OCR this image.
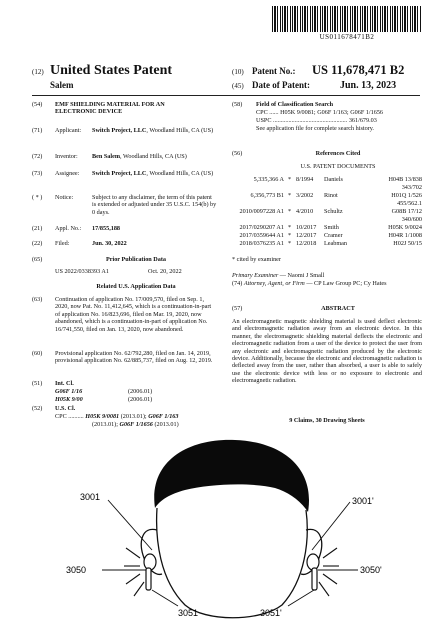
US011678471B2
(12) United States Patent
Salem
(10) Patent No.: US 11,678,471 B2
(45) Date of Patent:	Jun. 13, 2023
(54) EMF SHIELDING MATERIAL FOR AN ELECTRONIC DEVICE
(71) Applicant: Switch Project, LLC, Woodland Hills, CA (US)
(72) Inventor: Ben Salem, Woodland Hills, CA (US)
(73) Assignee: Switch Project, LLC, Woodland Hills, CA (US)
( * ) Notice:	Subject to any disclaimer, the term of this patent is extended or adjusted under 35 U.S.C. 154(b) by 0 days.
(21) Appl. No.: 17/855,188
(22) Filed:	Jun. 30, 2022
(65)	Prior Publication Data
US 2022/0338393 A1	Oct. 20, 2022
Related U.S. Application Data
(63) Continuation of application No. 17/009,570, filed on Sep. 1, 2020, now Pat. No. 11,412,645, which is a continuation-in-part of application No. 16/823,696, filed on Mar. 19, 2020, now abandoned, which is a continuation-in-part of application No. 16/741,550, filed on Jan. 13, 2020, now abandoned.
(60) Provisional application No. 62/792,280, filed on Jan. 14, 2019, provisional application No. 62/885,737, filed on Aug. 12, 2019.
(51) Int. Cl.
G06F 1/16	(2006.01)
H05K 9/00	(2006.01)
(52) U.S. Cl.
CPC .......... H05K 9/0081 (2013.01); G06F 1/163
(2013.01); G06F 1/1656 (2013.01)
(58) Field of Classification Search
CPC ...... H05K 9/0081; G06F 1/163; G06F 1/1656
USPC ................................................ 361/679.03
See application file for complete search history.
(56)	References Cited
U.S. PATENT DOCUMENTS
5,335,366 A * 8/1994 Daniels	H04B 13/838
343/702
6,356,773 B1 * 3/2002 Rinot	H01Q 1/526
455/562.1
2010/0097228 A1 * 4/2010 Schultz	G08B 17/12
340/600
2017/0290207 A1 * 10/2017 Smith	H05K 9/0024
2017/0359644 A1 * 12/2017 Cramer	H04R 1/1008
2018/0376235 A1 * 12/2018 Leabman	H02J 50/15
* cited by examiner
Primary Examiner — Naomi J Small
(74) Attorney, Agent, or Firm — CP Law Group PC; Cy Hates
(57)	ABSTRACT
An electromagnetic magnetic shielding material is used deflect electronic and electromagnetic radiation away from an electronic device. In this manner, the electromagnetic shielding material deflects the electronic and electromagnetic radiation from a user of the device to protect the user from any electronic and electromagnetic radiation produced by the electronic device. Additionally, because the electronic and electromagnetic radiation is deflected away from the user, rather than absorbed, a user is able to safely use the electronic device with less or no exposure to electronic and electromagnetic radiation.
9 Claims, 30 Drawing Sheets
3001	3001'
3050	3050'
3051	3051'
